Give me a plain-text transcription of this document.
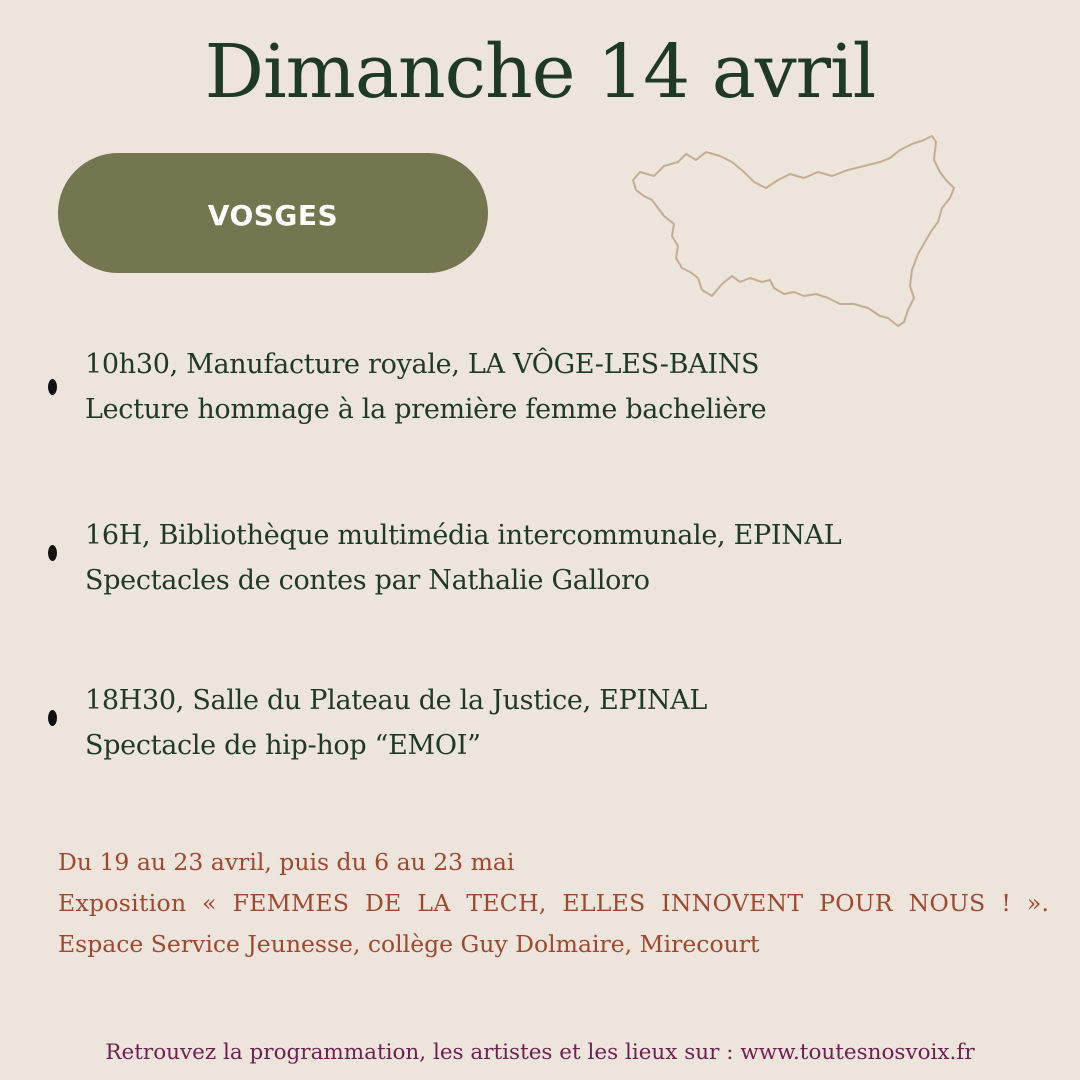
Dimanche 14 avril
VOSGES
10h30, Manufacture royale, LA VÔGE-LES-BAINS
Lecture hommage à la première femme bachelière
16H, Bibliothèque multimédia intercommunale, EPINAL
Spectacles de contes par Nathalie Galloro
18H30, Salle du Plateau de la Justice, EPINAL
Spectacle de hip-hop “EMOI”
Du 19 au 23 avril, puis du 6 au 23 mai
Exposition « FEMMES DE LA TECH, ELLES INNOVENT POUR NOUS ! ».
Espace Service Jeunesse, collège Guy Dolmaire, Mirecourt
Retrouvez la programmation, les artistes et les lieux sur : www.toutesnosvoix.fr
